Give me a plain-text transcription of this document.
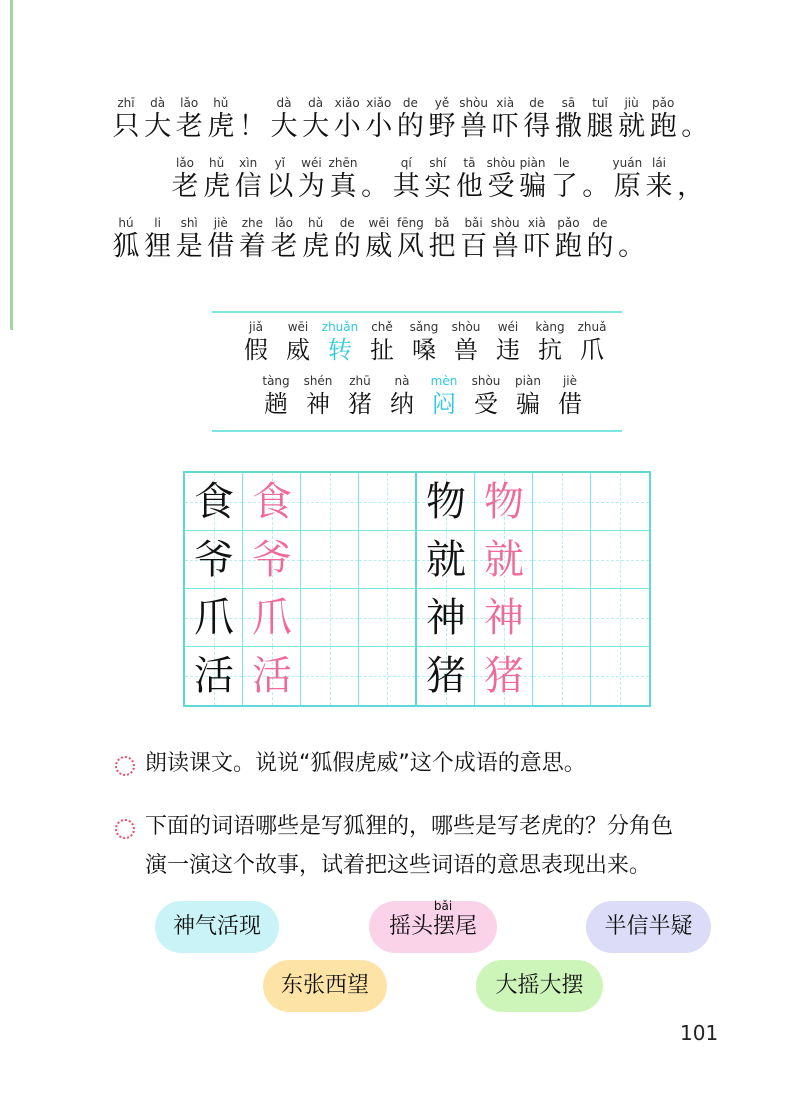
zhī
只
dà
大
lǎo
老
hǔ
虎 ！
dà
大
dà
大
xiǎo
小
xiǎo
小
de
的
yě
野
shòu
兽
xià
吓
de
得
sā
撒
tuǐ
腿
jiù
就
pǎo
跑 。
lǎo
老
hǔ
虎
xìn
信
yǐ
以
wéi
为
zhēn
真 。
qí
其
shí
实
tā
他
shòu
受
piàn
骗
le
了 。
yuán
原
lái
来 ，
hú
狐
li
狸
shì
是
jiè
借
zhe
着
lǎo
老
hǔ
虎
de
的
wēi
威
fēng
风
bǎ
把
bǎi
百
shòu
兽
xià
吓
pǎo
跑
de
的 。
jiǎ
假
wēi
威
zhuǎn
转
chě
扯
sǎng
嗓
shòu
兽
wéi
违
kàng
抗
zhuǎ
爪
tàng
趟
shén
神
zhū
猪
nà
纳
mèn
闷
shòu
受
piàn
骗
jiè
借
食 食	物 物
爷 爷	就 就
爪 爪	神 神
活 活	猪 猪
朗读课文。说说“狐假虎威”这个成语的意思。
下面的词语哪些是写狐狸的，哪些是写老虎的？分角色
演一演这个故事，试着把这些词语的意思表现出来。
神气活现
bǎi
摇头摆尾	半信半疑
东张西望	大摇大摆
101
